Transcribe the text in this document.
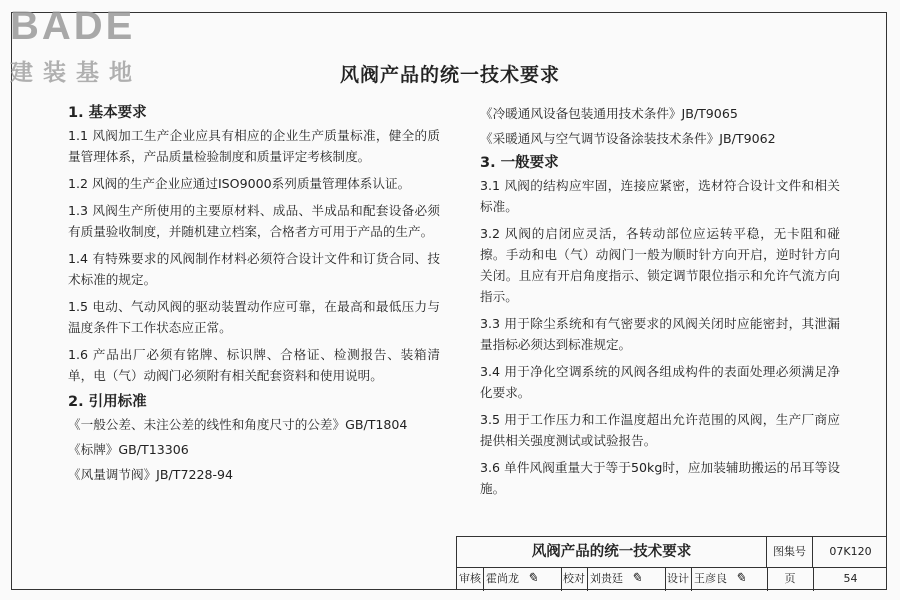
BADE
建装基地	风阀产品的统一技术要求
1. 基本要求
1.1 风阀加工生产企业应具有相应的企业生产质量标准，健全的质量管理体系，产品质量检验制度和质量评定考核制度。
1.2 风阀的生产企业应通过ISO9000系列质量管理体系认证。
1.3 风阀生产所使用的主要原材料、成品、半成品和配套设备必须有质量验收制度，并随机建立档案，合格者方可用于产品的生产。
1.4 有特殊要求的风阀制作材料必须符合设计文件和订货合同、技术标准的规定。
1.5 电动、气动风阀的驱动装置动作应可靠，在最高和最低压力与温度条件下工作状态应正常。
1.6 产品出厂必须有铭牌、标识牌、合格证、检测报告、装箱清单，电（气）动阀门必须附有相关配套资料和使用说明。
2. 引用标准
《一般公差、未注公差的线性和角度尺寸的公差》GB/T1804
《标牌》GB/T13306
《风量调节阀》JB/T7228-94
《冷暖通风设备包装通用技术条件》JB/T9065
《采暖通风与空气调节设备涂装技术条件》JB/T9062
3. 一般要求
3.1 风阀的结构应牢固，连接应紧密，选材符合设计文件和相关标准。
3.2 风阀的启闭应灵活，各转动部位应运转平稳，无卡阻和碰擦。手动和电（气）动阀门一般为顺时针方向开启，逆时针方向关闭。且应有开启角度指示、锁定调节限位指示和允许气流方向指示。
3.3 用于除尘系统和有气密要求的风阀关闭时应能密封，其泄漏量指标必须达到标准规定。
3.4 用于净化空调系统的风阀各组成构件的表面处理必须满足净化要求。
3.5 用于工作压力和工作温度超出允许范围的风阀，生产厂商应提供相关强度测试或试验报告。
3.6 单件风阀重量大于等于50kg时，应加装辅助搬运的吊耳等设施。
风阀产品的统一技术要求	图集号	07K120
审核 霍尚龙 ✎	校对 刘贵廷 ✎	设计 王彦良 ✎	页	54
